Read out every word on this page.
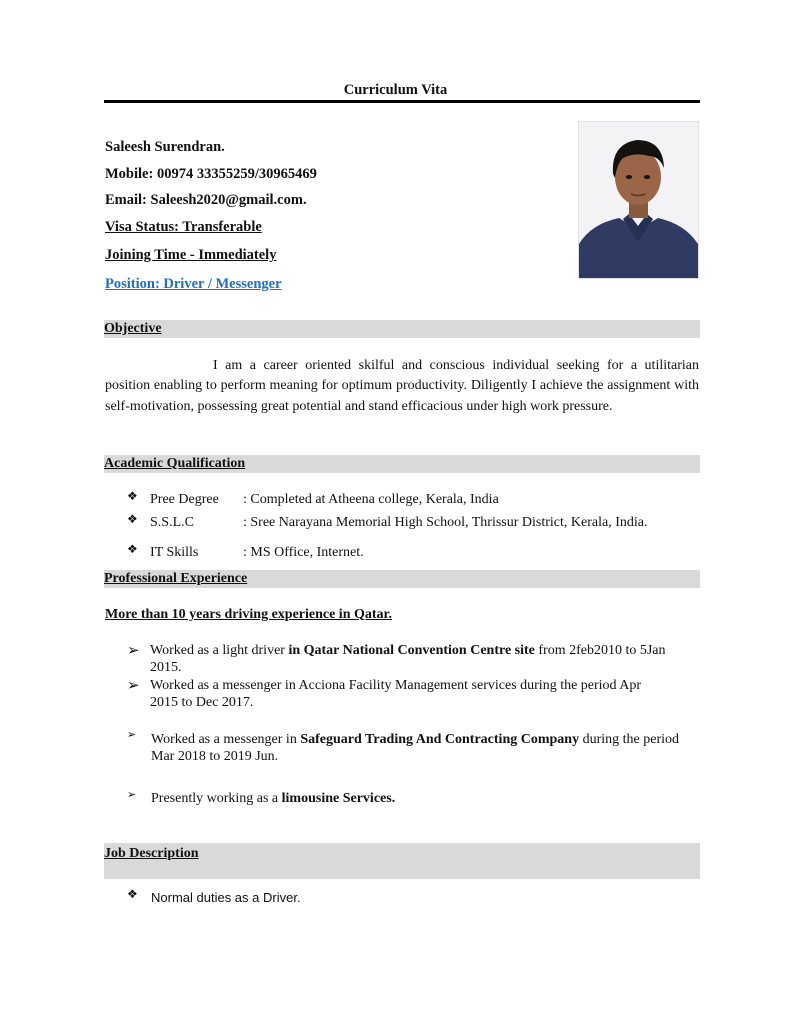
Curriculum Vita
Saleesh Surendran.
Mobile: 00974 33355259/30965469
Email: Saleesh2020@gmail.com.
Visa Status: Transferable
Joining Time - Immediately
Position: Driver / Messenger
Objective
I am a career oriented skilful and conscious individual seeking for a utilitarian position enabling to perform meaning for optimum productivity. Diligently I achieve the assignment with self-motivation, possessing great potential and stand efficacious under high work pressure.
Academic Qualification
❖ Pree Degree : Completed at Atheena college, Kerala, India
❖ S.S.L.C	: Sree Narayana Memorial High School, Thrissur District, Kerala, India.
❖ IT Skills	: MS Office, Internet.
Professional Experience
More than 10 years driving experience in Qatar.
➢ Worked as a light driver in Qatar National Convention Centre site from 2feb2010 to 5Jan 2015.
➢ Worked as a messenger in Acciona Facility Management services during the period Apr 2015 to Dec 2017.
➢ Worked as a messenger in Safeguard Trading And Contracting Company during the period Mar 2018 to 2019 Jun.
➢ Presently working as a limousine Services.
Job Description
❖ Normal duties as a Driver.
